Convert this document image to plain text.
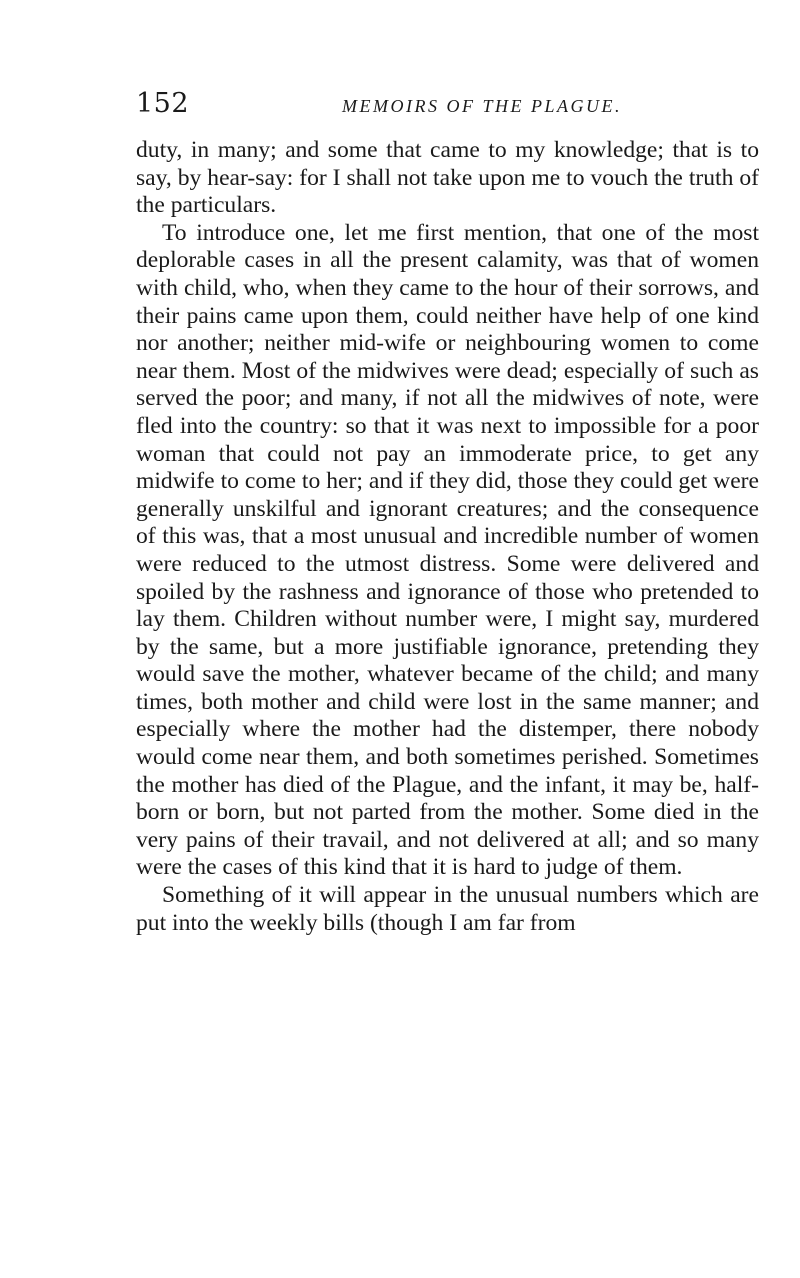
152	MEMOIRS OF THE PLAGUE.

duty, in many; and some that came to my knowledge; that is to say, by hear-say: for I shall not take upon me to vouch the truth of the particulars.

To introduce one, let me first mention, that one of the most deplorable cases in all the present calamity, was that of women with child, who, when they came to the hour of their sorrows, and their pains came upon them, could neither have help of one kind nor another; neither mid-wife or neighbouring women to come near them. Most of the midwives were dead; especially of such as served the poor; and many, if not all the midwives of note, were fled into the country: so that it was next to impossible for a poor woman that could not pay an immoderate price, to get any midwife to come to her; and if they did, those they could get were generally unskilful and ignorant creatures; and the consequence of this was, that a most unusual and incredible number of women were reduced to the utmost distress. Some were delivered and spoiled by the rashness and ignorance of those who pretended to lay them. Children without number were, I might say, murdered by the same, but a more justifiable ignorance, pretending they would save the mother, whatever became of the child; and many times, both mother and child were lost in the same manner; and especially where the mother had the distemper, there nobody would come near them, and both sometimes perished. Sometimes the mother has died of the Plague, and the infant, it may be, half-born or born, but not parted from the mother. Some died in the very pains of their travail, and not delivered at all; and so many were the cases of this kind that it is hard to judge of them.

Something of it will appear in the unusual numbers which are put into the weekly bills (though I am far from
